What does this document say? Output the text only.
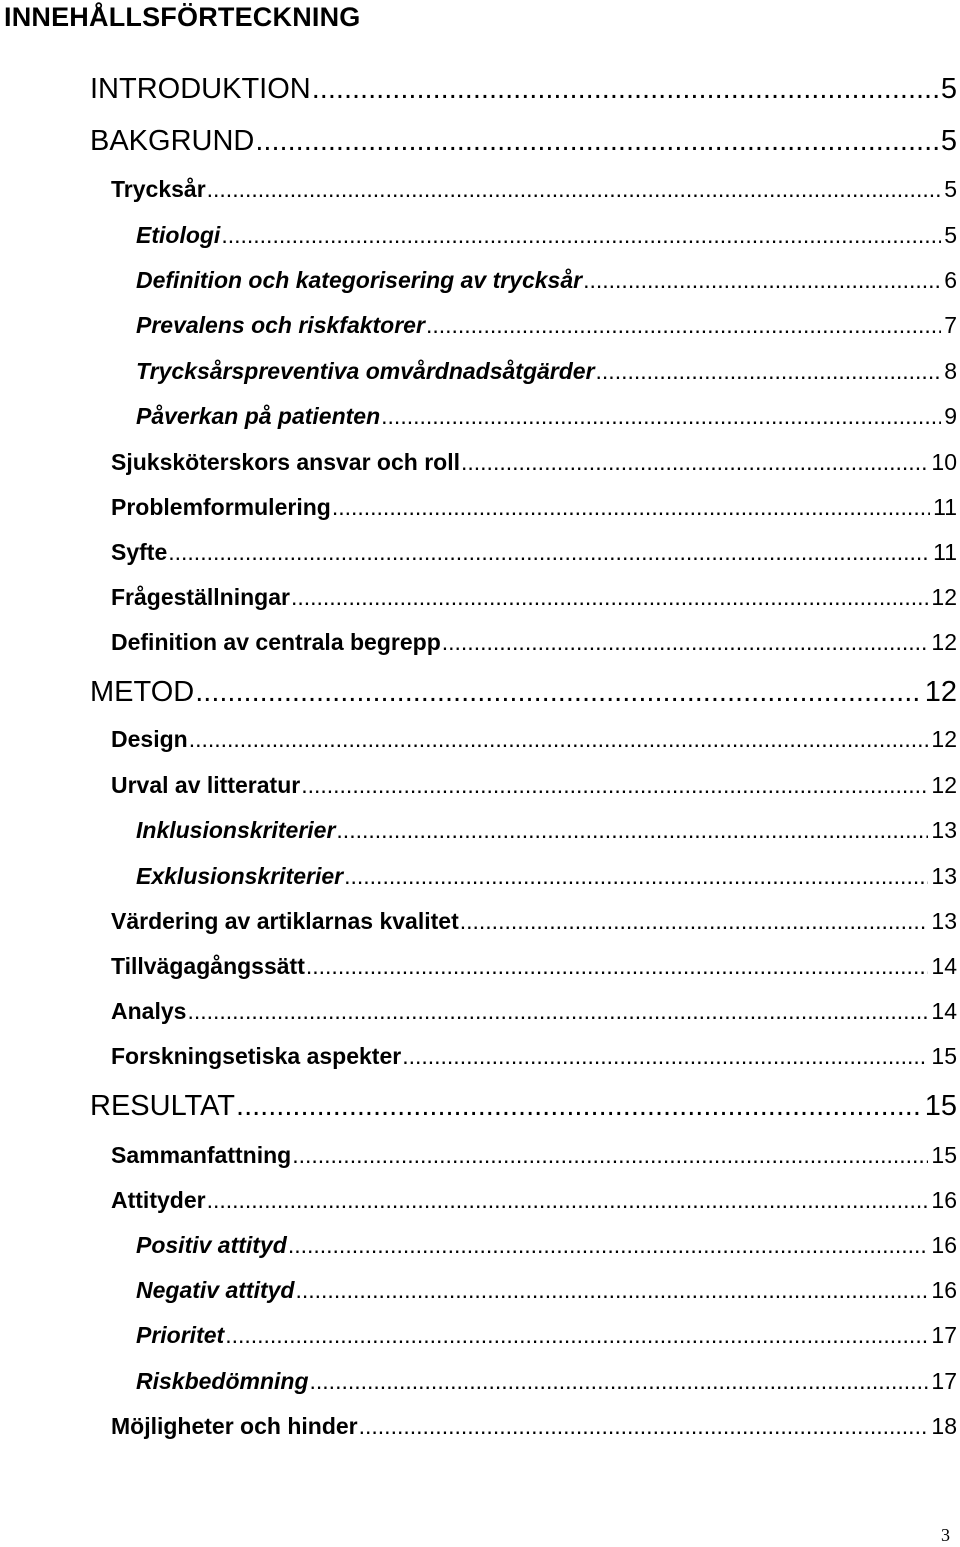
INNEHÅLLSFÖRTECKNING
INTRODUKTION .....	5
BAKGRUND .....	5
Trycksår .....	5
Etiologi .....	5
Definition och kategorisering av trycksår .....	6
Prevalens och riskfaktorer .....	7
Trycksårspreventiva omvårdnadsåtgärder .....	8
Påverkan på patienten .....	9
Sjuksköterskors ansvar och roll .....	10
Problemformulering .....	11
Syfte .....	11
Frågeställningar .....	12
Definition av centrala begrepp .....	12
METOD .....	12
Design .....	12
Urval av litteratur .....	12
Inklusionskriterier .....	13
Exklusionskriterier .....	13
Värdering av artiklarnas kvalitet .....	13
Tillvägagångssätt .....	14
Analys .....	14
Forskningsetiska aspekter .....	15
RESULTAT .....	15
Sammanfattning .....	15
Attityder .....	16
Positiv attityd .....	16
Negativ attityd .....	16
Prioritet .....	17
Riskbedömning .....	17
Möjligheter och hinder .....	18
3
